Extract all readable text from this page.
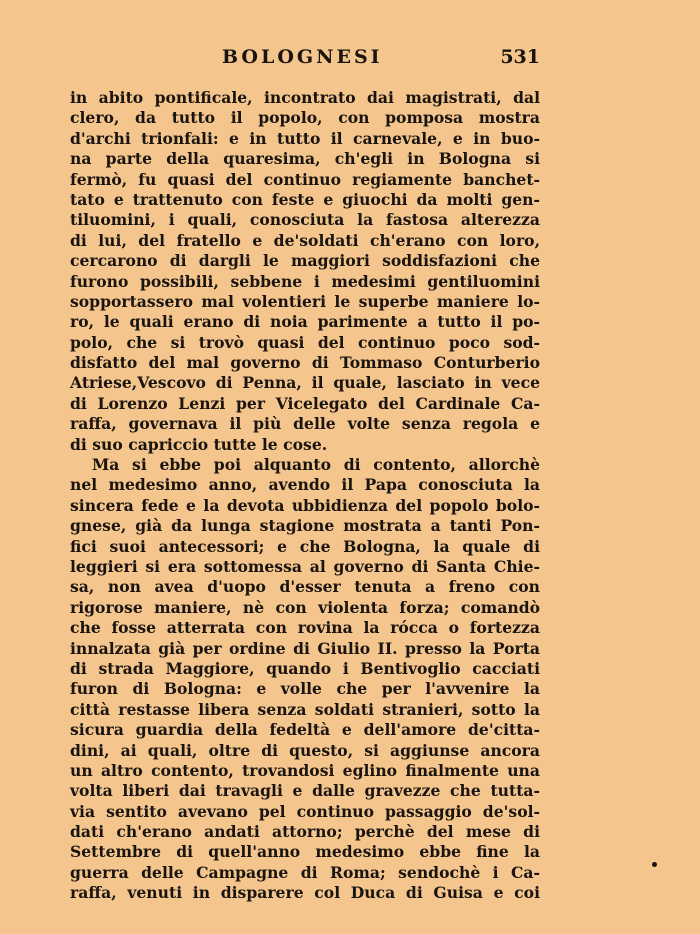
BOLOGNESI	531
in abito pontificale, incontrato dai magistrati, dal
clero, da tutto il popolo, con pomposa mostra
d'archi trionfali: e in tutto il carnevale, e in buo-
na parte della quaresima, ch'egli in Bologna si
fermò, fu quasi del continuo regiamente banchet-
tato e trattenuto con feste e giuochi da molti gen-
tiluomini, i quali, conosciuta la fastosa alterezza
di lui, del fratello e de'soldati ch'erano con loro,
cercarono di dargli le maggiori soddisfazioni che
furono possibili, sebbene i medesimi gentiluomini
sopportassero mal volentieri le superbe maniere lo-
ro, le quali erano di noia parimente a tutto il po-
polo, che si trovò quasi del continuo poco sod-
disfatto del mal governo di Tommaso Conturberio
Atriese,Vescovo di Penna, il quale, lasciato in vece
di Lorenzo Lenzi per Vicelegato del Cardinale Ca-
raffa, governava il più delle volte senza regola e
di suo capriccio tutte le cose.
Ma si ebbe poi alquanto di contento, allorchè
nel medesimo anno, avendo il Papa conosciuta la
sincera fede e la devota ubbidienza del popolo bolo-
gnese, già da lunga stagione mostrata a tanti Pon-
fici suoi antecessori; e che Bologna, la quale di
leggieri si era sottomessa al governo di Santa Chie-
sa, non avea d'uopo d'esser tenuta a freno con
rigorose maniere, nè con violenta forza; comandò
che fosse atterrata con rovina la rócca o fortezza
innalzata già per ordine di Giulio II. presso la Porta
di strada Maggiore, quando i Bentivoglio cacciati
furon di Bologna: e volle che per l'avvenire la
città restasse libera senza soldati stranieri, sotto la
sicura guardia della fedeltà e dell'amore de'citta-
dini, ai quali, oltre di questo, si aggiunse ancora
un altro contento, trovandosi eglino finalmente una
volta liberi dai travagli e dalle gravezze che tutta-
via sentito avevano pel continuo passaggio de'sol-
dati ch'erano andati attorno; perchè del mese di
Settembre di quell'anno medesimo ebbe fine la
guerra delle Campagne di Roma; sendochè i Ca-
raffa, venuti in disparere col Duca di Guisa e coi
